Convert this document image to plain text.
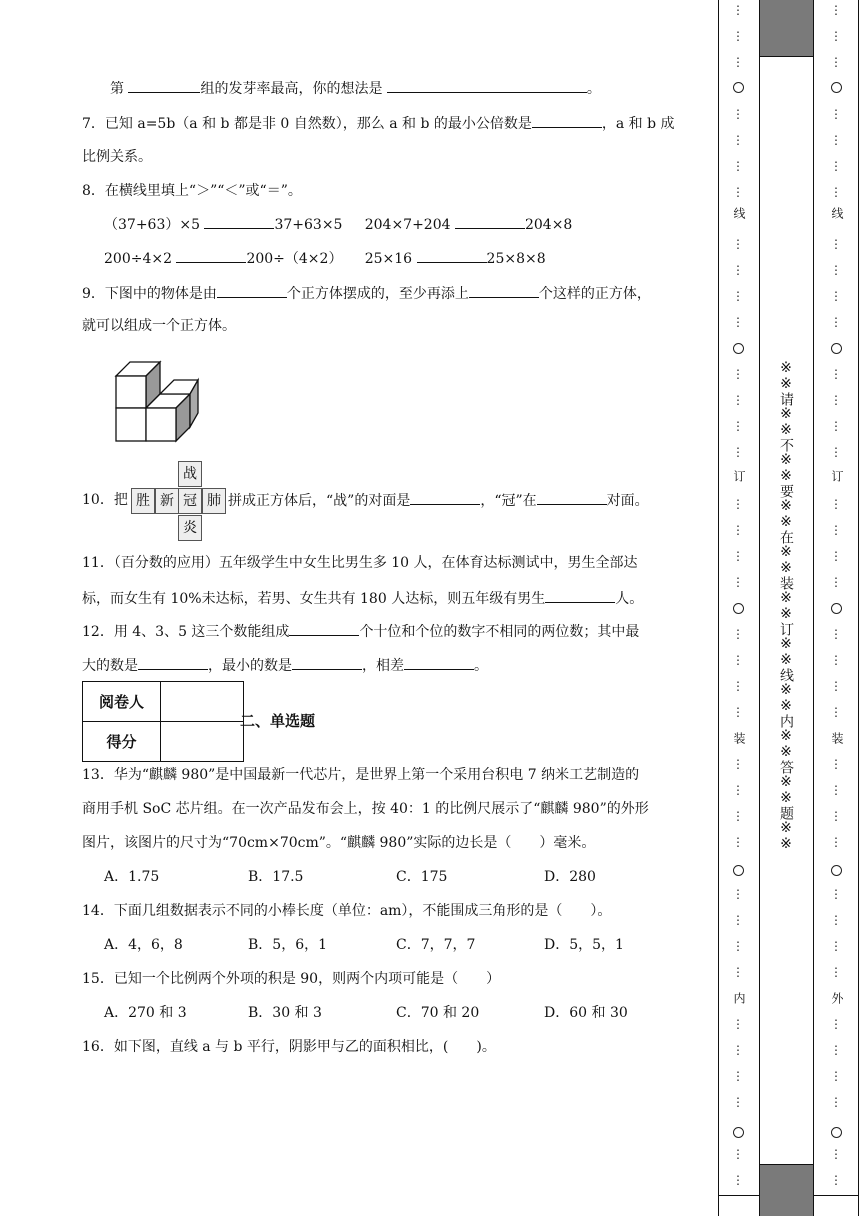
第	组的发芽率最高，你的想法是	。
7．已知 a=5b（a 和 b 都是非 0 自然数），那么 a 和 b 的最小公倍数是	，a 和 b 成
比例关系。
8．在横线里填上“＞”“＜”或“＝”。
（37+63）×5	37+63×5 204×7+204	204×8
200÷4×2	200÷（4×2） 25×16	25×8×8
9．下图中的物体是由	个正方体摆成的，至少再添上	个这样的正方体，
就可以组成一个正方体。
10．把
战
胜 新 冠 肺
炎
拼成正方体后，“战”的对面是	，“冠”在	对面。
11．（百分数的应用）五年级学生中女生比男生多 10 人，在体育达标测试中，男生全部达
标，而女生有 10%未达标，若男、女生共有 180 人达标，则五年级有男生	人。
12．用 4、3、5 这三个数能组成	个十位和个位的数字不相同的两位数；其中最
大的数是	，最小的数是	，相差	。
阅卷人	
得分	
二、单选题
13．华为“麒麟 980”是中国最新一代芯片，是世界上第一个采用台积电 7 纳米工艺制造的
商用手机 SoC 芯片组。在一次产品发布会上，按 40：1 的比例尺展示了“麒麟 980”的外形
图片，该图片的尺寸为“70cm×70cm”。“麒麟 980”实际的边长是（　　）毫米。
A．1.75	B．17.5	C．175	D．280
14．下面几组数据表示不同的小棒长度（单位：am），不能围成三角形的是（　　）。
A．4，6，8	B．5，6，1	C．7，7，7	D．5，5，1
15．已知一个比例两个外项的积是 90，则两个内项可能是（　　）
A．270 和 3	B．30 和 3	C．70 和 20	D．60 和 30
16．如下图，直线 a 与 b 平行，阴影甲与乙的面积相比，(　　)。
※※请※※不※※要※※在※※装※※订※※线※※内※※答※※题※※
⋮
⋮
⋮
⋮
⋮
⋮
⋮
⋮
⋮
⋮
⋮
⋮
⋮
⋮
⋮
⋮
⋮
⋮
⋮
⋮
⋮
⋮
⋮
⋮
⋮
⋮
⋮
⋮
⋮
⋮
⋮
⋮
⋮
⋮
⋮
⋮
⋮
线
订
装
内
⋮
⋮
⋮
⋮
⋮
⋮
⋮
⋮
⋮
⋮
⋮
⋮
⋮
⋮
⋮
⋮
⋮
⋮
⋮
⋮
⋮
⋮
⋮
⋮
⋮
⋮
⋮
⋮
⋮
⋮
⋮
⋮
⋮
⋮
⋮
⋮
⋮
线
订
装
外
